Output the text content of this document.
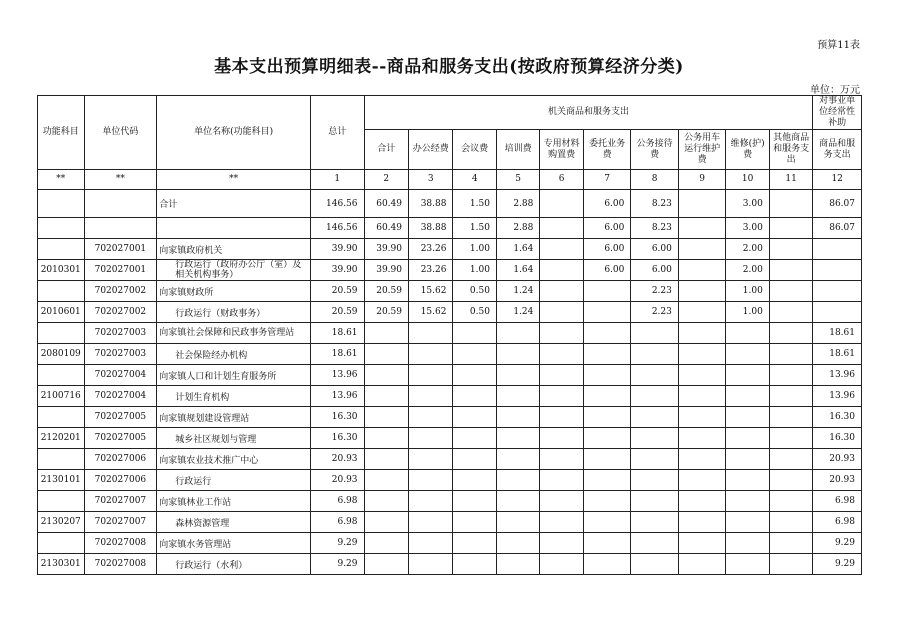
预算11表
基本支出预算明细表--商品和服务支出(按政府预算经济分类)
单位：万元
功能科目	单位代码	单位名称(功能科目)	总计	机关商品和服务支出										对事业单位经常性补助
				合计	办公经费	会议费	培训费	专用材料购置费	委托业务费	公务接待费	公务用车运行维护费	维修(护)费	其他商品和服务支出	商品和服务支出
**	**	**	1	2	3	4	5	6	7	8	9	10	11	12
		合计	146.56	60.49	38.88	1.50	2.88		6.00	8.23		3.00		86.07
			146.56	60.49	38.88	1.50	2.88		6.00	8.23		3.00		86.07
	702027001	向家镇政府机关	39.90	39.90	23.26	1.00	1.64		6.00	6.00		2.00		
2010301	702027001	行政运行（政府办公厅（室）及相关机构事务）	39.90	39.90	23.26	1.00	1.64		6.00	6.00		2.00		
	702027002	向家镇财政所	20.59	20.59	15.62	0.50	1.24			2.23		1.00		
2010601	702027002	行政运行（财政事务）	20.59	20.59	15.62	0.50	1.24			2.23		1.00		
	702027003	向家镇社会保障和民政事务管理站	18.61											18.61
2080109	702027003	社会保险经办机构	18.61											18.61
	702027004	向家镇人口和计划生育服务所	13.96											13.96
2100716	702027004	计划生育机构	13.96											13.96
	702027005	向家镇规划建设管理站	16.30											16.30
2120201	702027005	城乡社区规划与管理	16.30											16.30
	702027006	向家镇农业技术推广中心	20.93											20.93
2130101	702027006	行政运行	20.93											20.93
	702027007	向家镇林业工作站	6.98											6.98
2130207	702027007	森林资源管理	6.98											6.98
	702027008	向家镇水务管理站	9.29											9.29
2130301	702027008	行政运行（水利）	9.29											9.29
